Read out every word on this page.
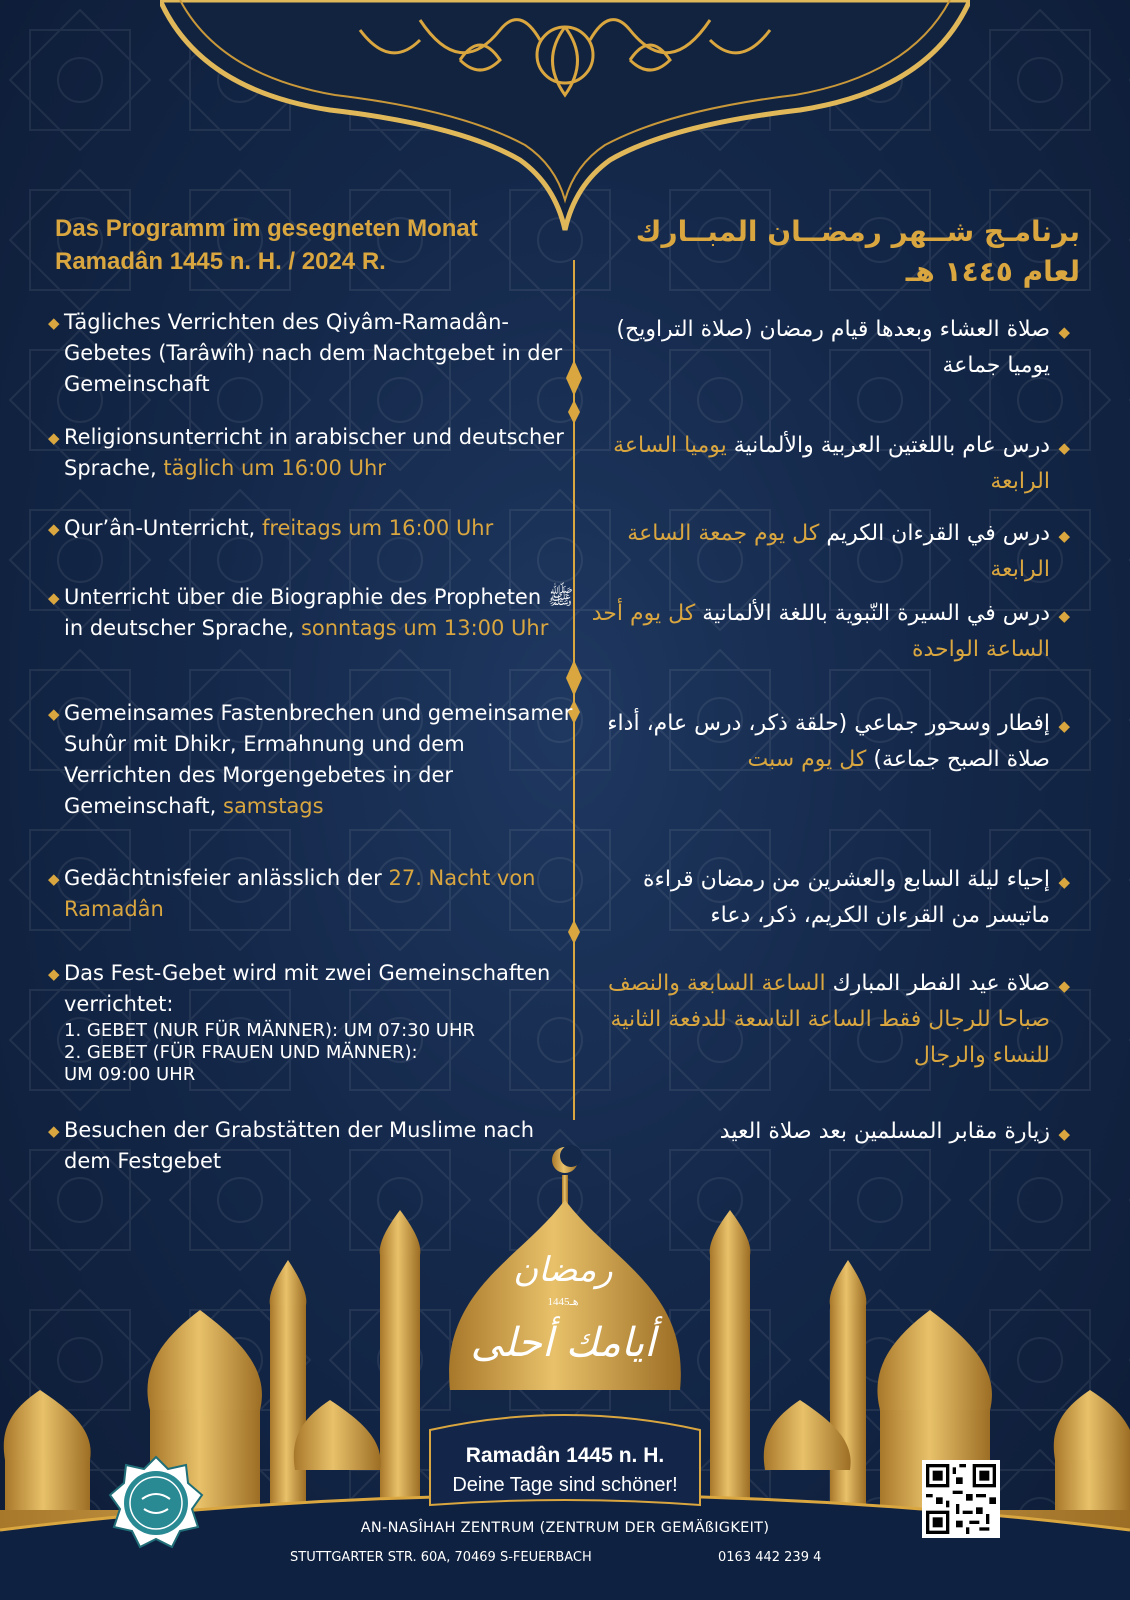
Das Programm im gesegneten Monat
Ramadân 1445 n. H. / 2024 R.
برنامـج شــهر رمضــان المبــارك
لعام ١٤٤٥ هـ
◆ Tägliches Verrichten des Qiyâm-Ramadân-Gebetes (Tarâwîh) nach dem Nachtgebet in der Gemeinschaft
◆ Religionsunterricht in arabischer und deutscher Sprache, täglich um 16:00 Uhr
◆ Qur’ân-Unterricht, freitags um 16:00 Uhr
◆ Unterricht über die Biographie des Propheten ﷺ in deutscher Sprache, sonntags um 13:00 Uhr
◆ Gemeinsames Fastenbrechen und gemeinsamer Suhûr mit Dhikr, Ermahnung und dem Verrichten des Morgengebetes in der Gemeinschaft, samstags
◆ Gedächtnisfeier anlässlich der 27. Nacht von Ramadân
◆ Das Fest-Gebet wird mit zwei Gemeinschaften verrichtet:
1. GEBET (NUR FÜR MÄNNER): UM 07:30 UHR
2. GEBET (FÜR FRAUEN UND MÄNNER):
UM 09:00 UHR
◆ Besuchen der Grabstätten der Muslime nach dem Festgebet
◆
صلاة العشاء وبعدها قيام رمضان (صلاة التراويح) يوميا جماعة
◆
درس عام باللغتين العربية والألمانية يوميا الساعة الرابعة
◆
درس في القرءان الكريم كل يوم جمعة الساعة الرابعة
◆
درس في السيرة النّبوية باللغة الألمانية كل يوم أحد الساعة الواحدة
◆
إفطار وسحور جماعي (حلقة ذكر، درس عام، أداء صلاة الصبح جماعة) كل يوم سبت
◆
إحياء ليلة السابع والعشرين من رمضان قراءة ماتيسر من القرءان الكريم، ذكر، دعاء
◆
صلاة عيد الفطر المبارك الساعة السابعة والنصف صباحا للرجال فقط الساعة التاسعة للدفعة الثانية للنساء والرجال
◆
زيارة مقابر المسلمين بعد صلاة العيد
رمضان
1445هـ
أيامك أحلى
Ramadân 1445 n. H.
Deine Tage sind schöner!
AN-NASÎHAH ZENTRUM (ZENTRUM DER GEMÄßIGKEIT)
STUTTGARTER STR. 60A, 70469 S-FEUERBACH	0163 442 239 4
